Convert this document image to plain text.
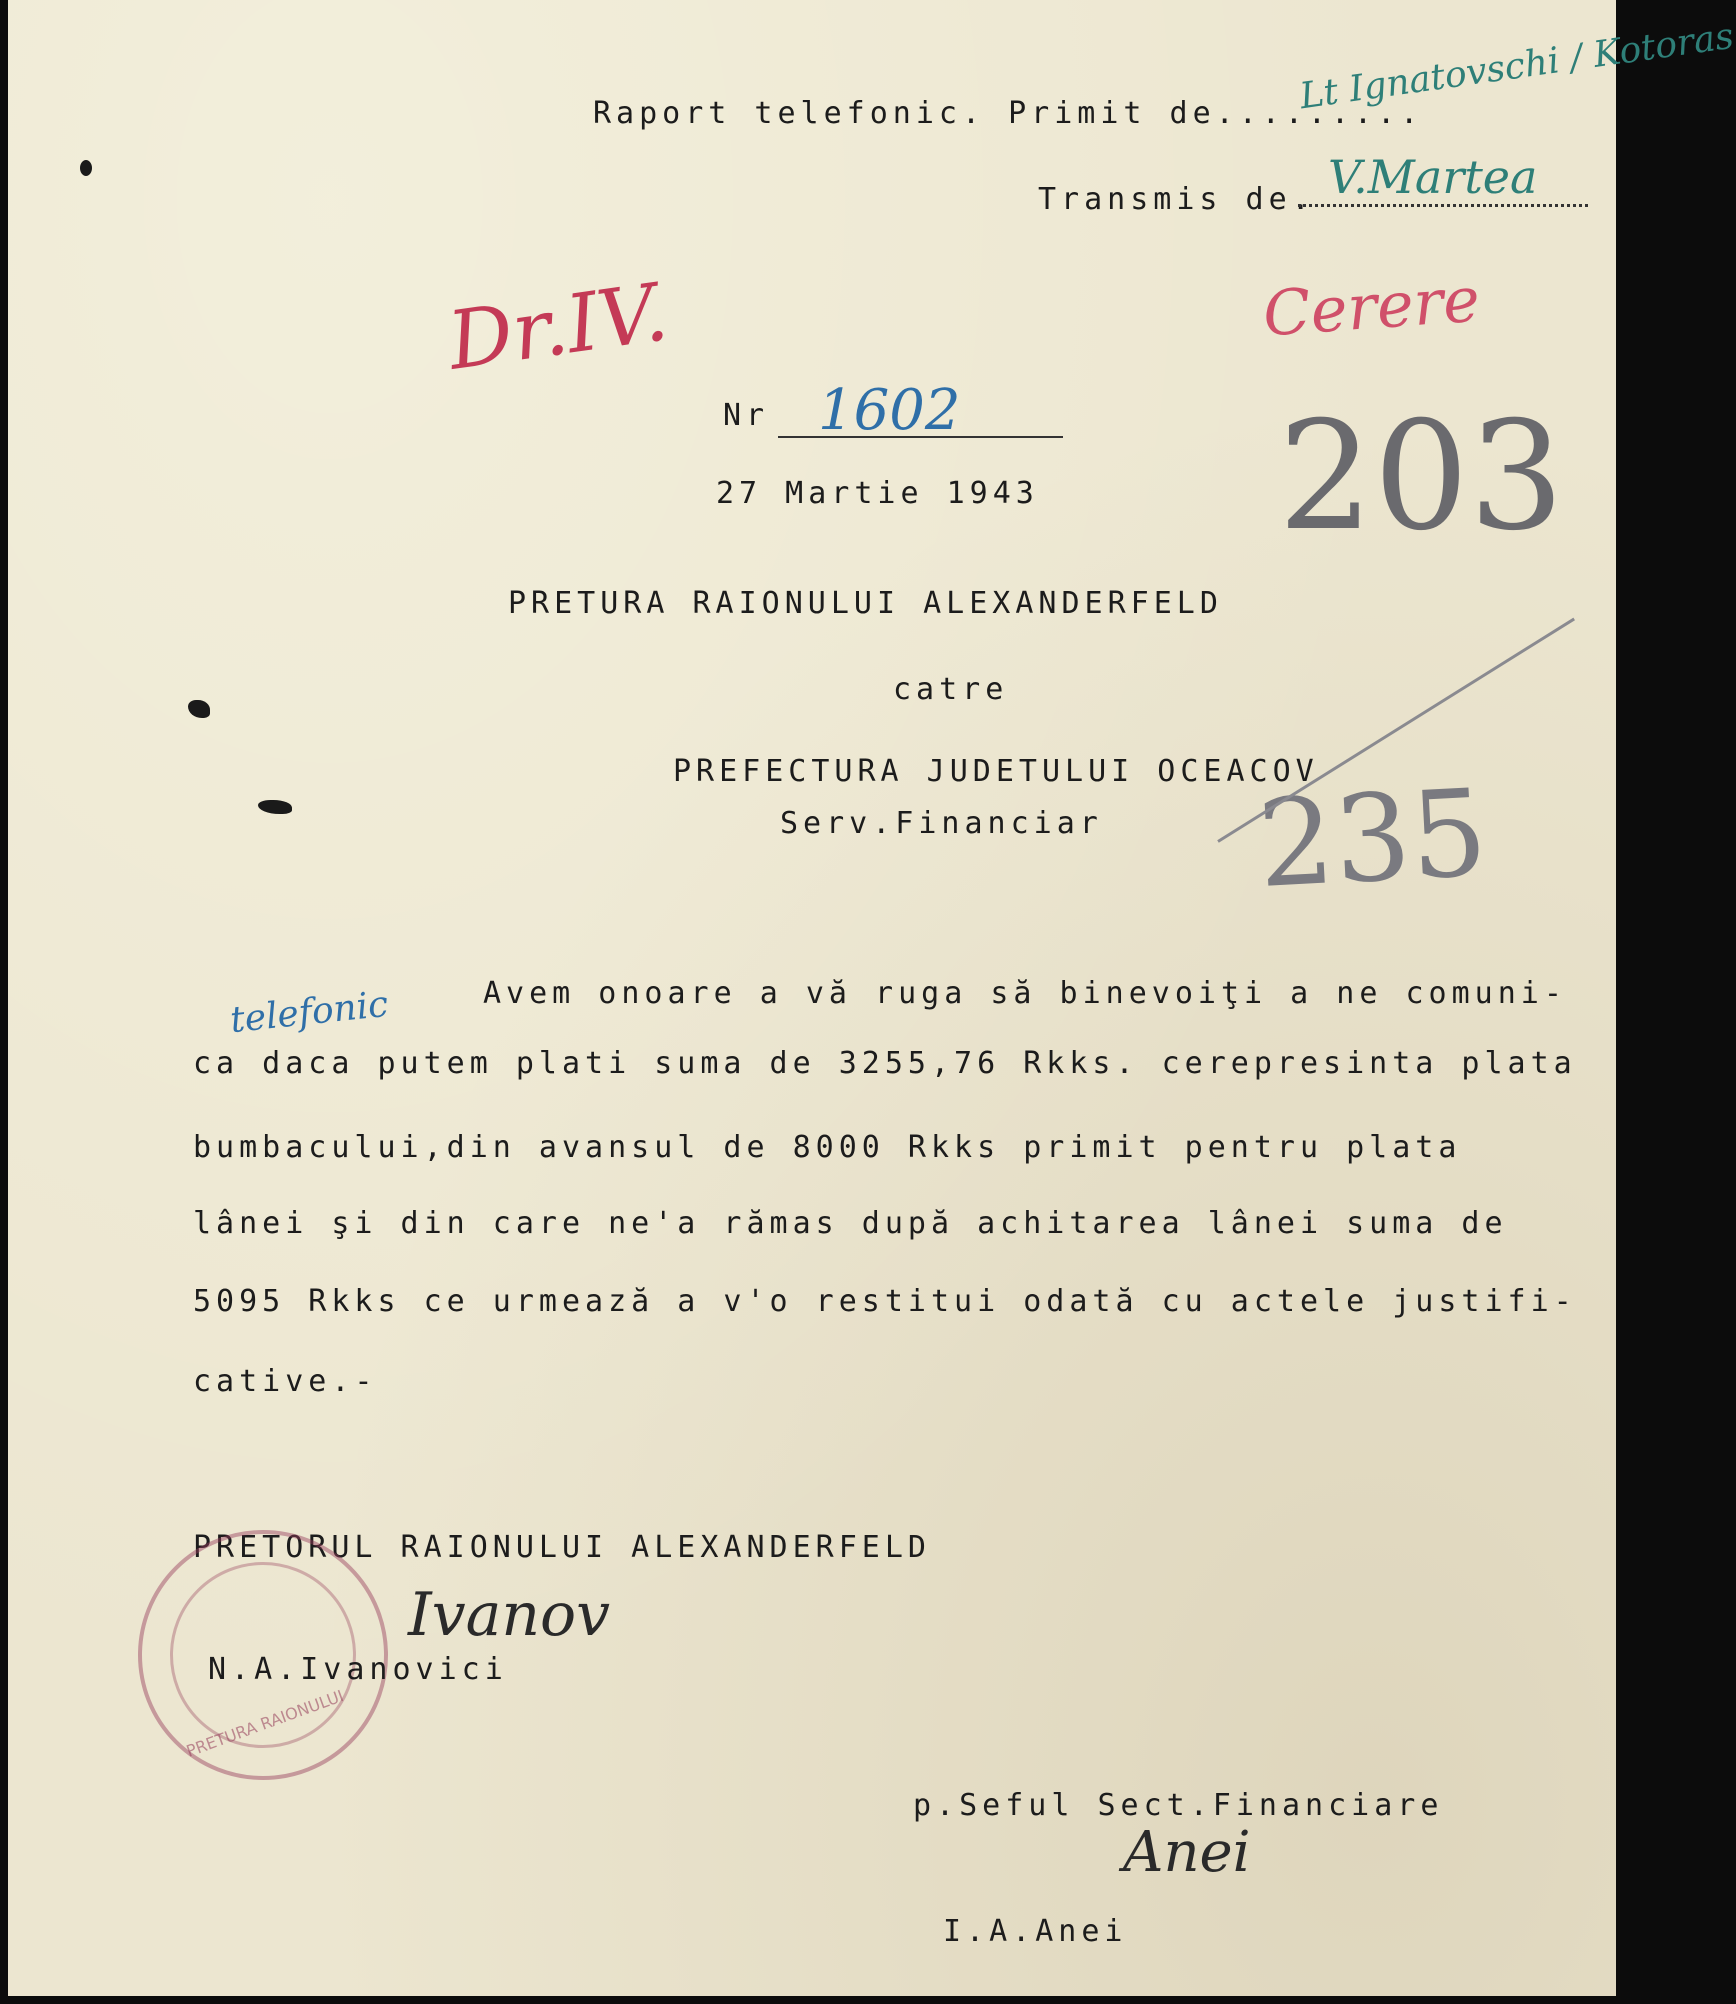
Raport telefonic. Primit de.........
Lt Ignatovschi / Kotoras
Transmis de. V.Martea
Dr.IV.	Cerere
203
235
Nr 1602
27 Martie 1943
PRETURA RAIONULUI ALEXANDERFELD
catre
PREFECTURA JUDETULUI OCEACOV
Serv.Financiar
telefonic	Avem onoare a vă ruga să binevoiţi a ne comuni-
ca daca putem plati suma de 3255,76 Rkks. cerepresinta plata
bumbacului,din avansul de 8000 Rkks primit pentru plata
lânei şi din care ne'a rămas după achitarea lânei suma de
5095 Rkks ce urmează a v'o restitui odată cu actele justifi-
cative.-
PRETORUL RAIONULUI ALEXANDERFELD
PRETURA RAIONULUI
Ivanov
N.A.Ivanovici
p.Seful Sect.Financiare
Anei
I.A.Anei
